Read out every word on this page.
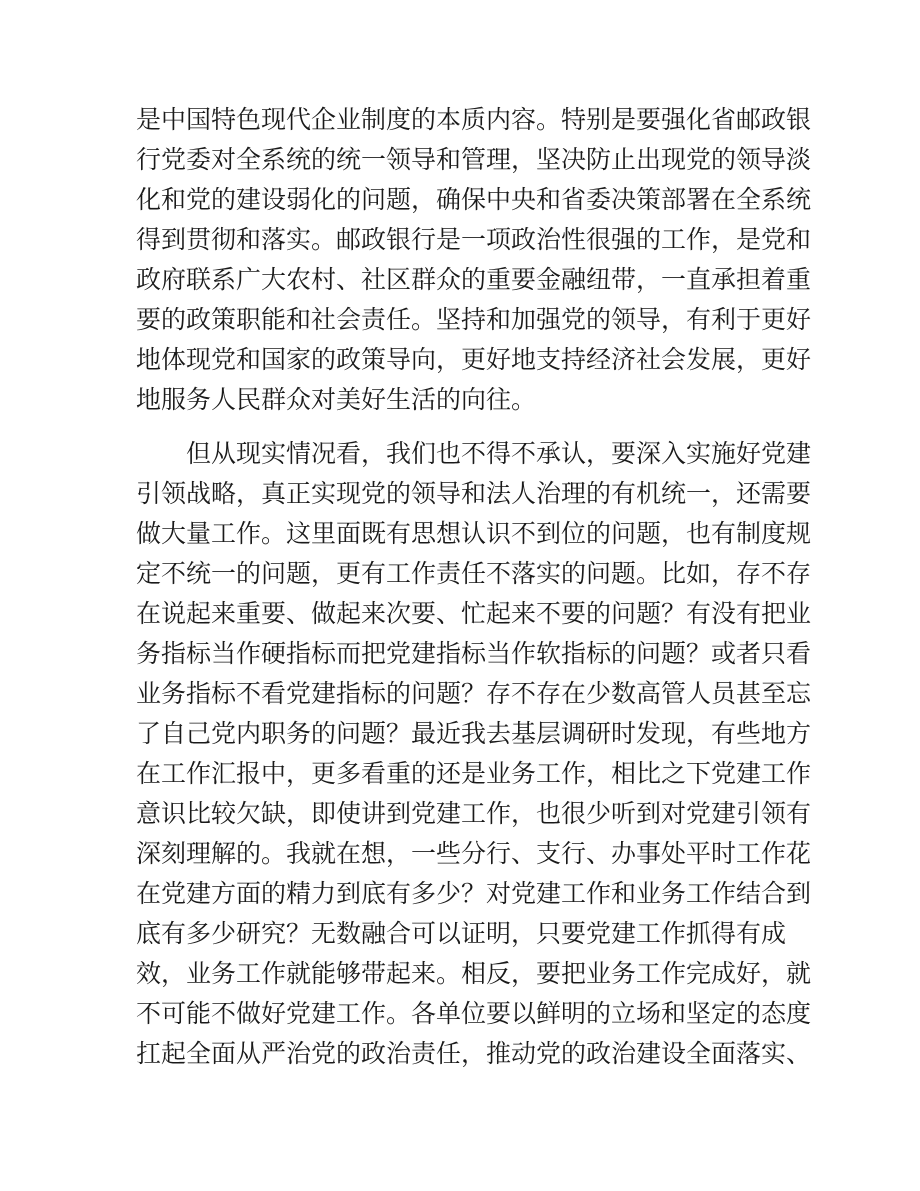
是中国特色现代企业制度的本质内容。特别是要强化省邮政银
行党委对全系统的统一领导和管理，坚决防止出现党的领导淡
化和党的建设弱化的问题，确保中央和省委决策部署在全系统
得到贯彻和落实。邮政银行是一项政治性很强的工作，是党和
政府联系广大农村、社区群众的重要金融纽带，一直承担着重
要的政策职能和社会责任。坚持和加强党的领导，有利于更好
地体现党和国家的政策导向，更好地支持经济社会发展，更好
地服务人民群众对美好生活的向往。
　　但从现实情况看，我们也不得不承认，要深入实施好党建
引领战略，真正实现党的领导和法人治理的有机统一，还需要
做大量工作。这里面既有思想认识不到位的问题，也有制度规
定不统一的问题，更有工作责任不落实的问题。比如，存不存
在说起来重要、做起来次要、忙起来不要的问题？有没有把业
务指标当作硬指标而把党建指标当作软指标的问题？或者只看
业务指标不看党建指标的问题？存不存在少数高管人员甚至忘
了自己党内职务的问题？最近我去基层调研时发现，有些地方
在工作汇报中，更多看重的还是业务工作，相比之下党建工作
意识比较欠缺，即使讲到党建工作，也很少听到对党建引领有
深刻理解的。我就在想，一些分行、支行、办事处平时工作花
在党建方面的精力到底有多少？对党建工作和业务工作结合到
底有多少研究？无数融合可以证明，只要党建工作抓得有成
效，业务工作就能够带起来。相反，要把业务工作完成好，就
不可能不做好党建工作。各单位要以鲜明的立场和坚定的态度
扛起全面从严治党的政治责任，推动党的政治建设全面落实、
